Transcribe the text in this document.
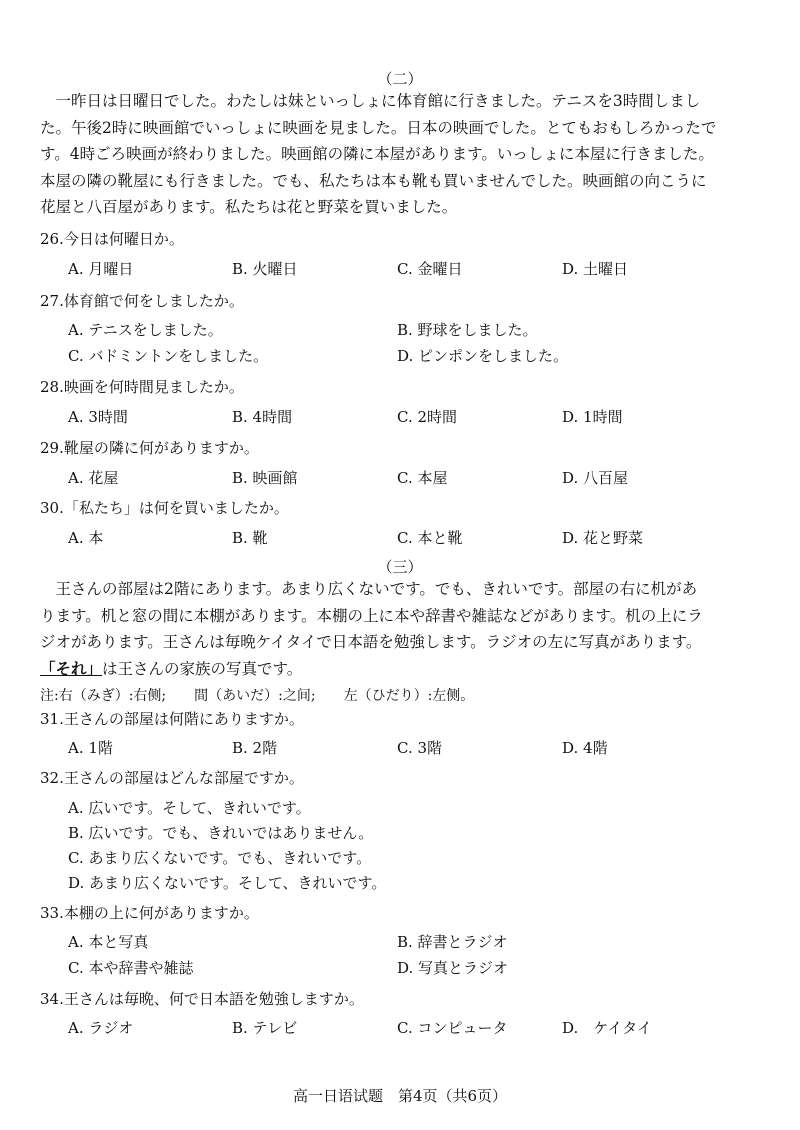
（二）
一昨日は日曜日でした。わたしは妹といっしょに体育館に行きました。テニスを3時間しまし
た。午後2時に映画館でいっしょに映画を見ました。日本の映画でした。とてもおもしろかったで
す。4時ごろ映画が終わりました。映画館の隣に本屋があります。いっしょに本屋に行きました。
本屋の隣の靴屋にも行きました。でも、私たちは本も靴も買いませんでした。映画館の向こうに
花屋と八百屋があります。私たちは花と野菜を買いました。
26.今日は何曜日か。
A. 月曜日	B. 火曜日	C. 金曜日	D. 土曜日
27.体育館で何をしましたか。
A. テニスをしました。	B. 野球をしました。
C. バドミントンをしました。	D. ピンポンをしました。
28.映画を何時間見ましたか。
A. 3時間	B. 4時間	C. 2時間	D. 1時間
29.靴屋の隣に何がありますか。
A. 花屋	B. 映画館	C. 本屋	D. 八百屋
30.「私たち」は何を買いましたか。
A. 本	B. 靴	C. 本と靴	D. 花と野菜
（三）
王さんの部屋は2階にあります。あまり広くないです。でも、きれいです。部屋の右に机があ
ります。机と窓の間に本棚があります。本棚の上に本や辞書や雑誌などがあります。机の上にラ
ジオがあります。王さんは毎晩ケイタイで日本語を勉強します。ラジオの左に写真があります。
「それ」は王さんの家族の写真です。
注:右（みぎ）:右侧;　　間（あいだ）:之间;　　左（ひだり）:左侧。
31.王さんの部屋は何階にありますか。
A. 1階	B. 2階	C. 3階	D. 4階
32.王さんの部屋はどんな部屋ですか。
A. 広いです。そして、きれいです。
B. 広いです。でも、きれいではありません。
C. あまり広くないです。でも、きれいです。
D. あまり広くないです。そして、きれいです。
33.本棚の上に何がありますか。
A. 本と写真	B. 辞書とラジオ
C. 本や辞書や雑誌	D. 写真とラジオ
34.王さんは毎晩、何で日本語を勉強しますか。
A. ラジオ	B. テレビ	C. コンピュータ	D.　ケイタイ
高一日语试题　第4页（共6页）
